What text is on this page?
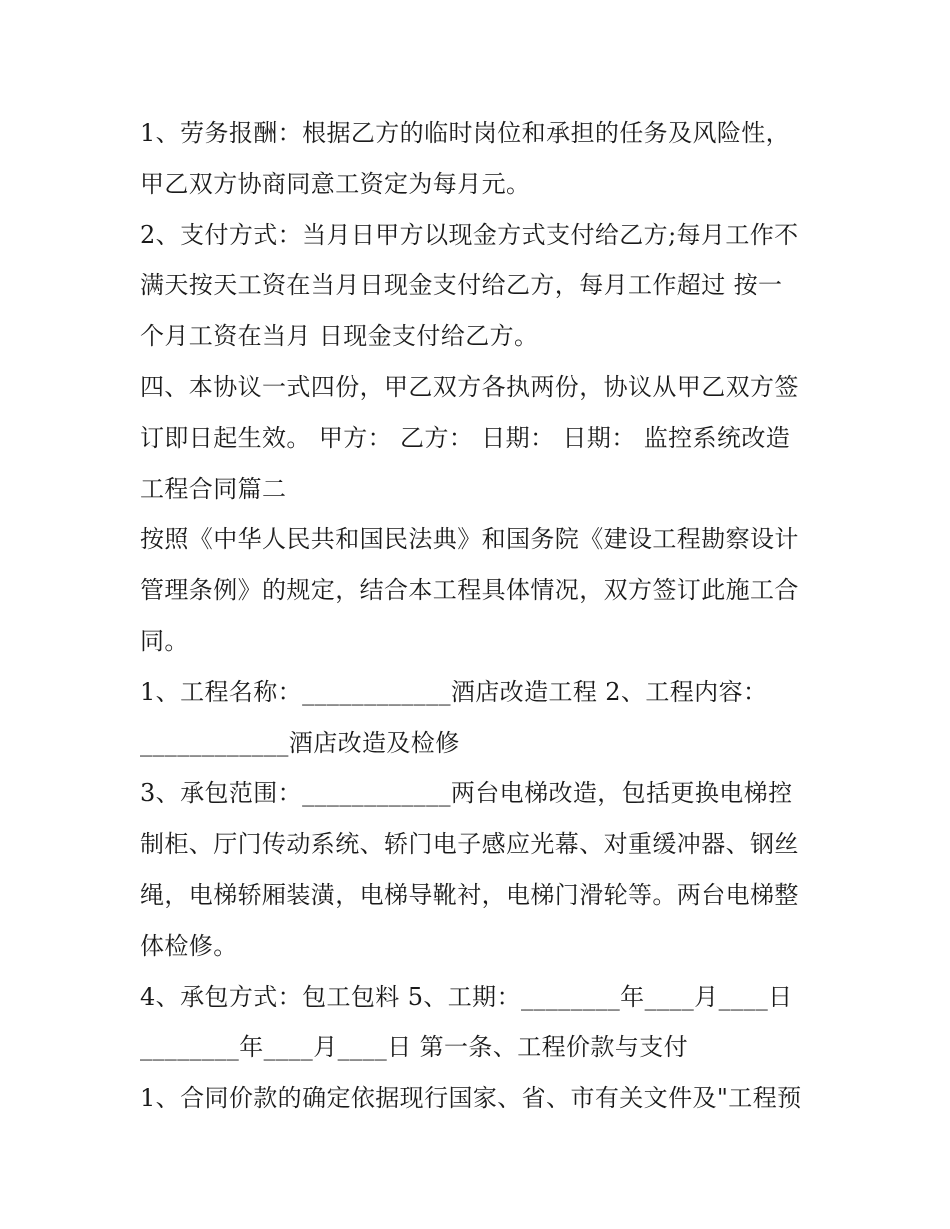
1、劳务报酬：根据乙方的临时岗位和承担的任务及风险性，
甲乙双方协商同意工资定为每月元。
2、支付方式：当月日甲方以现金方式支付给乙方;每月工作不
满天按天工资在当月日现金支付给乙方，每月工作超过 按一
个月工资在当月 日现金支付给乙方。
四、本协议一式四份，甲乙双方各执两份，协议从甲乙双方签
订即日起生效。 甲方： 乙方： 日期： 日期： 监控系统改造
工程合同篇二
按照《中华人民共和国民法典》和国务院《建设工程勘察设计
管理条例》的规定，结合本工程具体情况，双方签订此施工合
同。
1、工程名称：____________酒店改造工程 2、工程内容：
____________酒店改造及检修
3、承包范围：____________两台电梯改造，包括更换电梯控
制柜、厅门传动系统、轿门电子感应光幕、对重缓冲器、钢丝
绳，电梯轿厢装潢，电梯导靴衬，电梯门滑轮等。两台电梯整
体检修。
4、承包方式：包工包料 5、工期：________年____月____日
________年____月____日 第一条、工程价款与支付
1、合同价款的确定依据现行国家、省、市有关文件及"工程预
